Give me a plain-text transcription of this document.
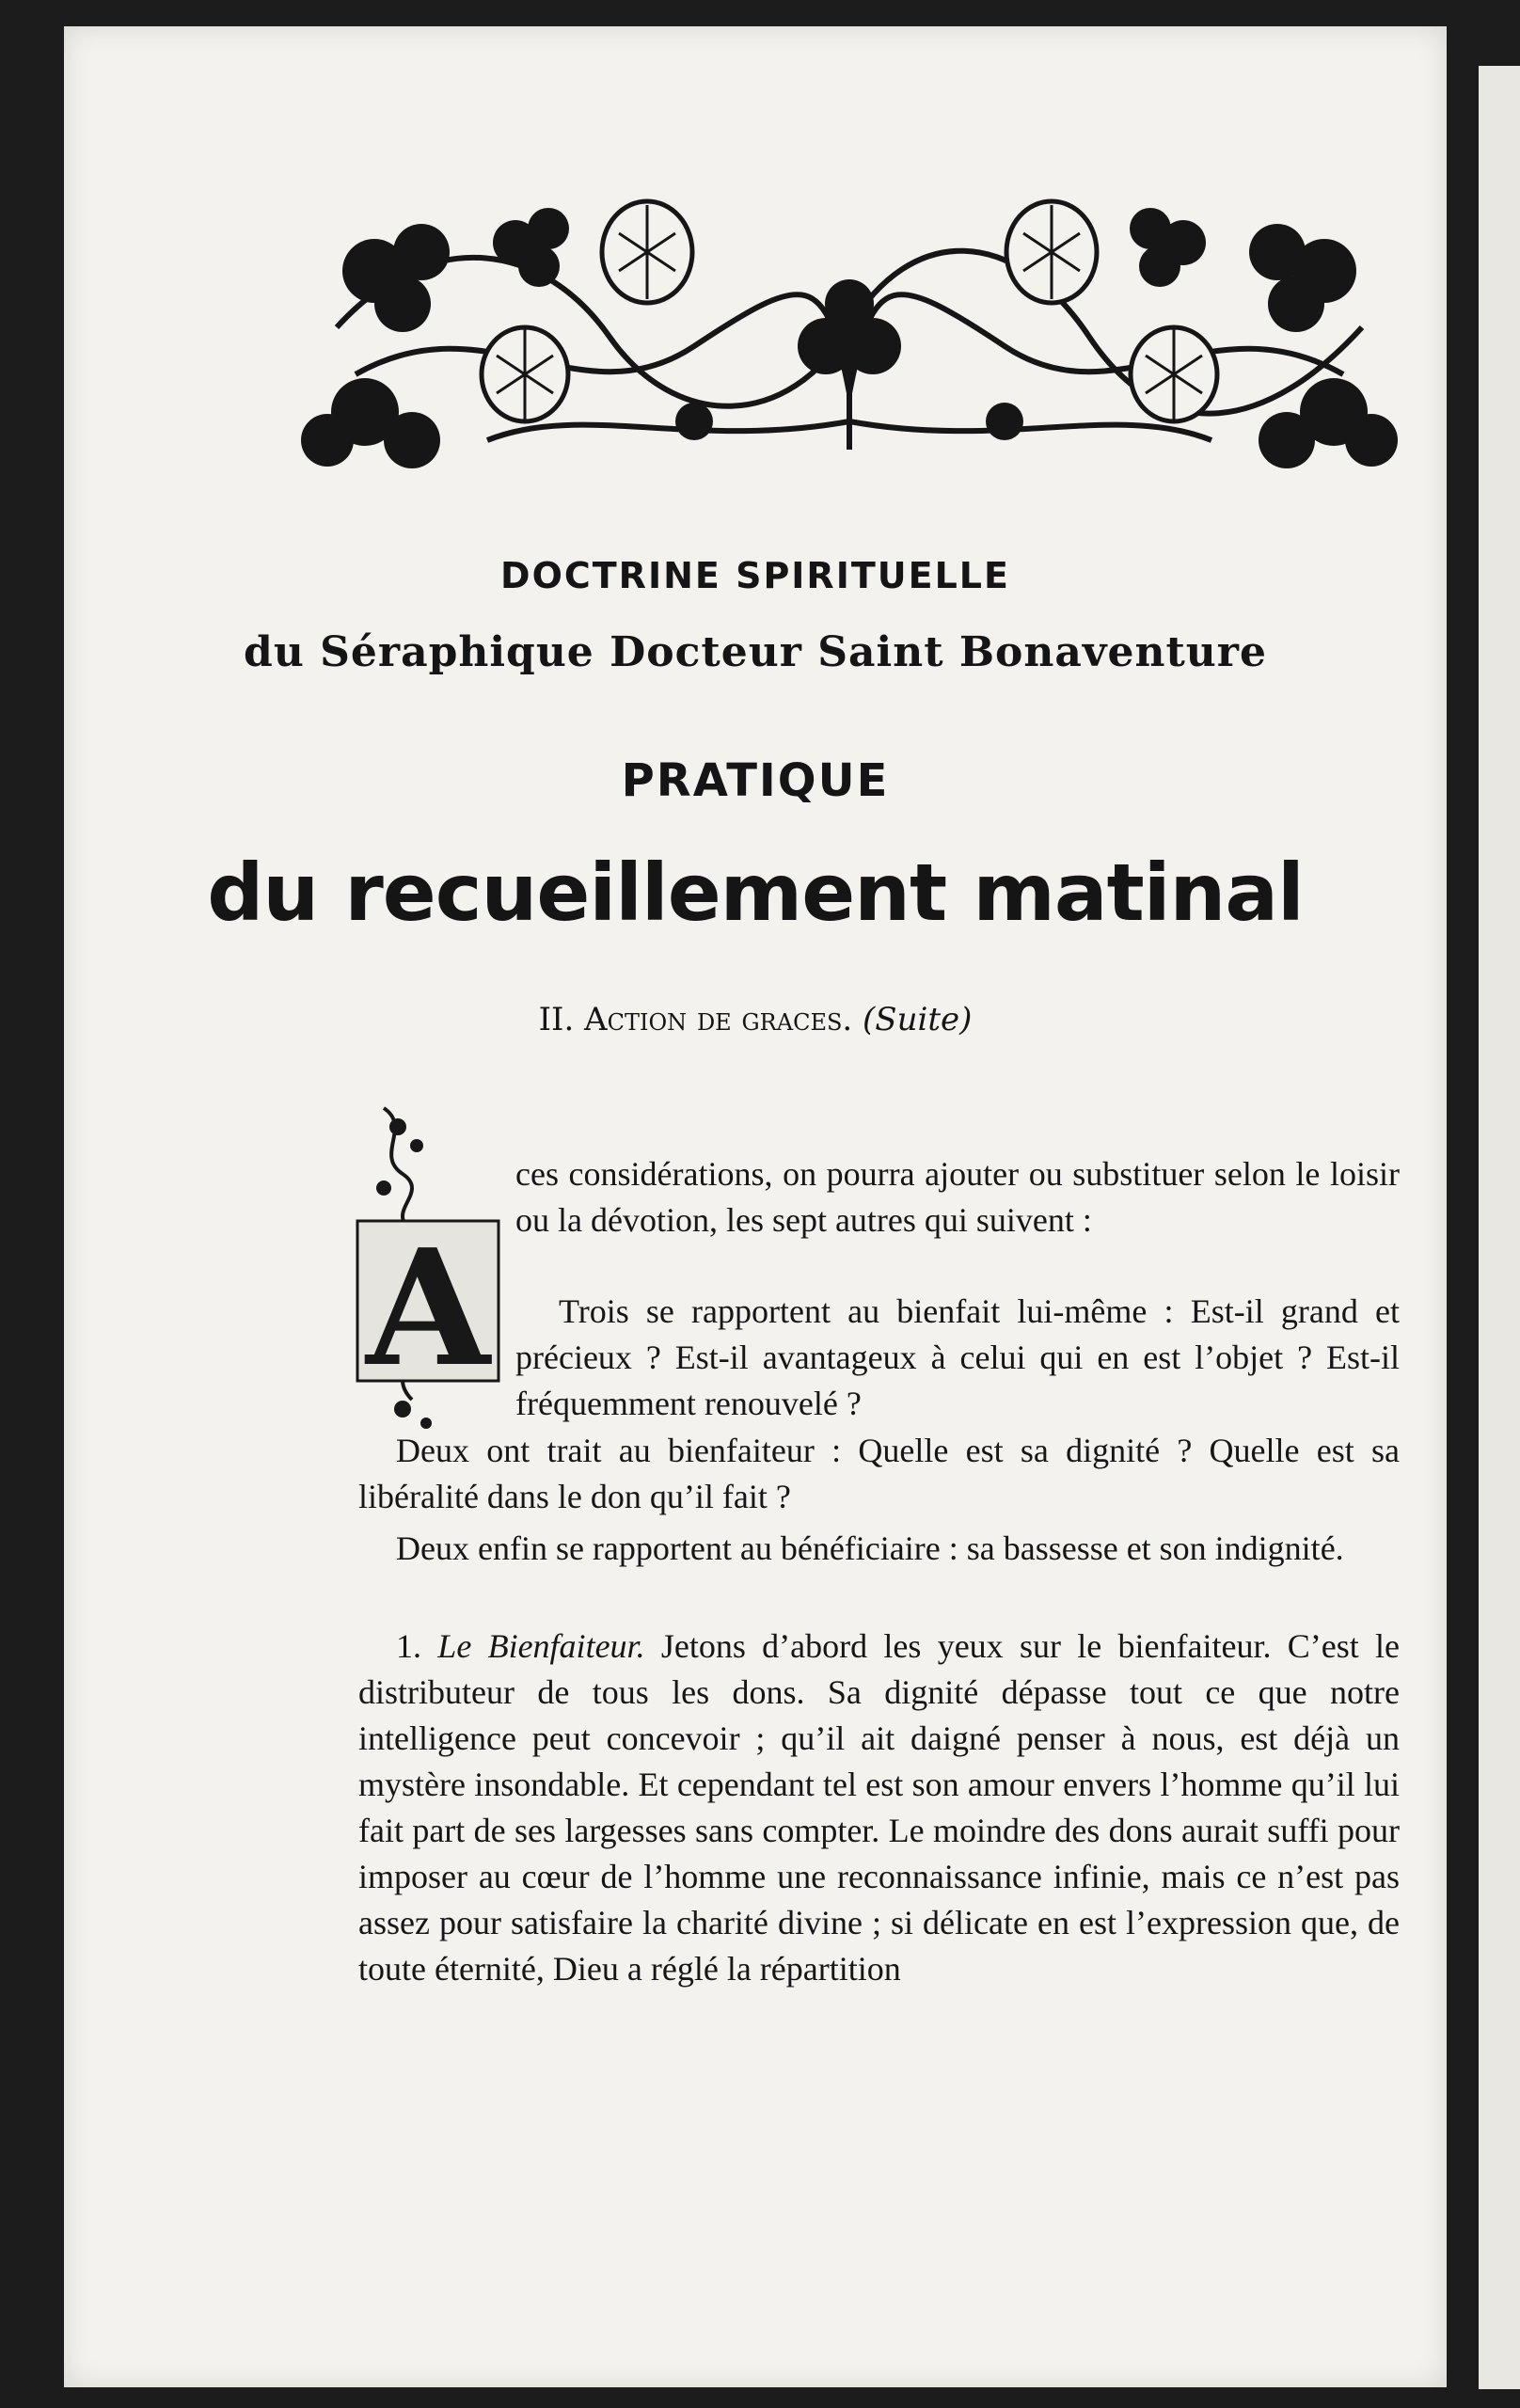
DOCTRINE SPIRITUELLE
du Séraphique Docteur Saint Bonaventure
PRATIQUE
du recueillement matinal
II. Action de graces. (Suite)
A

ces considérations, on pourra ajouter ou substituer selon le loisir ou la dévotion, les sept autres qui suivent :

Trois se rapportent au bienfait lui-même : Est-il grand et précieux ? Est-il avantageux à celui qui en est l’objet ? Est-il fréquemment renouvelé ?

Deux ont trait au bienfaiteur : Quelle est sa dignité ? Quelle est sa libéralité dans le don qu’il fait ?

Deux enfin se rapportent au bénéficiaire : sa bassesse et son indignité.

1. Le Bienfaiteur. Jetons d’abord les yeux sur le bienfaiteur. C’est le distributeur de tous les dons. Sa dignité dépasse tout ce que notre intelligence peut concevoir ; qu’il ait daigné penser à nous, est déjà un mystère insondable. Et cependant tel est son amour envers l’homme qu’il lui fait part de ses largesses sans compter. Le moindre des dons aurait suffi pour imposer au cœur de l’homme une reconnaissance infinie, mais ce n’est pas assez pour satisfaire la charité divine ; si délicate en est l’expression que, de toute éternité, Dieu a réglé la répartition
